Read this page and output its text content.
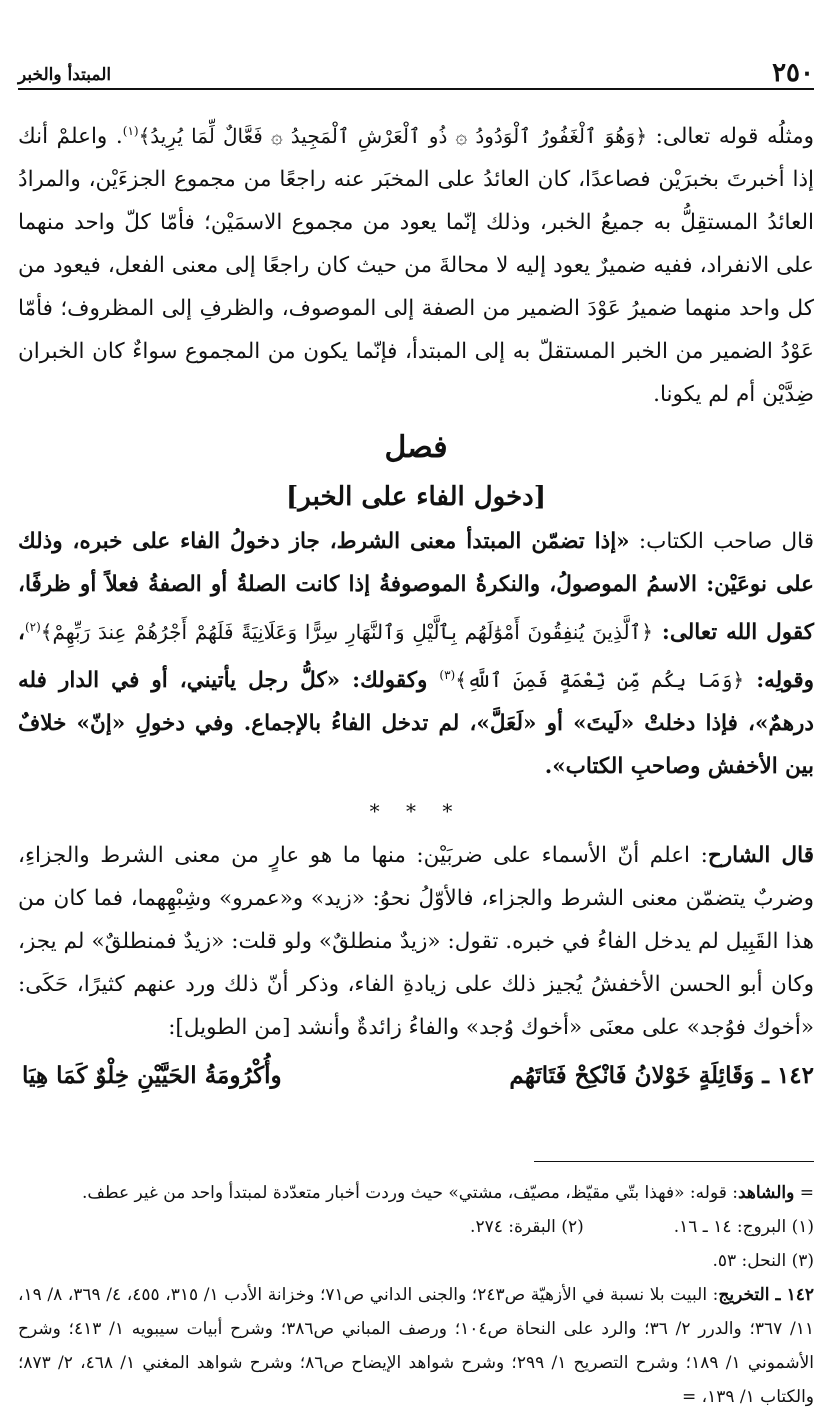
٢٥٠
المبتدأ والخبر

ومثلُه قوله تعالى: ﴿وَهُوَ ٱلْغَفُورُ ٱلْوَدُودُ ۞ ذُو ٱلْعَرْشِ ٱلْمَجِيدُ ۞ فَعَّالٌ لِّمَا يُرِيدُ﴾$^{(١)}$. واعلمْ أنك إذا أخبرتَ بخبرَيْن فصاعدًا، كان العائدُ على المخبَر عنه راجعًا من مجموع الجزءَيْن، والمرادُ العائدُ المستقِلُّ به جميعُ الخبر، وذلك إنّما يعود من مجموع الاسمَيْن؛ فأمّا كلّ واحد منهما على الانفراد، ففيه ضميرٌ يعود إليه لا محالةَ من حيث كان راجعًا إلى معنى الفعل، فيعود من كل واحد منهما ضميرُ عَوْدَ الضمير من الصفة إلى الموصوف، والظرفِ إلى المظروف؛ فأمّا عَوْدُ الضمير من الخبر المستقلّ به إلى المبتدأ، فإنّما يكون من المجموع سواءٌ كان الخبران ضِدَّيْن أم لم يكونا.

فصل
[دخول الفاء على الخبر]

قال صاحب الكتاب: «إذا تضمّن المبتدأ معنى الشرط، جاز دخولُ الفاء على خبره، وذلك على نوعَيْن: الاسمُ الموصولُ، والنكرةُ الموصوفةُ إذا كانت الصلةُ أو الصفةُ فعلاً أو ظرفًا، كقول الله تعالى: ﴿ٱلَّذِينَ يُنفِقُونَ أَمْوَٰلَهُم بِٱلَّيْلِ وَٱلنَّهَارِ سِرًّا وَعَلَانِيَةً فَلَهُمْ أَجْرُهُمْ عِندَ رَبِّهِمْ﴾$^{(٢)}$، وقولِه: ﴿وَمَا بِكُم مِّن نِّعْمَةٍ فَمِنَ ٱللَّهِ﴾$^{(٣)}$ وكقولك: «كلُّ رجل يأتيني، أو في الدار فله درهمٌ»، فإذا دخلتْ «لَيتَ» أو «لَعَلَّ»، لم تدخل الفاءُ بالإجماع. وفي دخولِ «إنّ» خلافٌ بين الأخفش وصاحبِ الكتاب».

* * *

قال الشارح: اعلم أنّ الأسماء على ضربَيْن: منها ما هو عارٍ من معنى الشرط والجزاءِ، وضربٌ يتضمّن معنى الشرط والجزاء، فالأوّلُ نحوُ: «زيد» و«عمرو» وشِبْهِهما، فما كان من هذا القَبِيل لم يدخل الفاءُ في خبره. تقول: «زيدٌ منطلقٌ» ولو قلت: «زيدٌ فمنطلقٌ» لم يجز، وكان أبو الحسن الأخفشُ يُجيز ذلك على زيادةِ الفاء، وذكر أنّ ذلك ورد عنهم كثيرًا، حَكَى: «أخوك فوُجد» على معنَى «أخوك وُجد» والفاءُ زائدةٌ وأنشد [من الطويل]:

١٤٢ ـ وَقَائِلَةٍ خَوْلانُ فَانْكِحْ فَتَاتَهُم
وأُكْرُومَةُ الحَيَّيْنِ خِلْوٌ كَمَا هِيَا

= والشاهد: قوله: «فهذا بتّي مقيّظ، مصيّف، مشتي» حيث وردت أخبار متعدّدة لمبتدأ واحد من غير عطف.

(١) البروج: ١٤ ـ ١٦.
(٢) البقرة: ٢٧٤.

(٣) النحل: ٥٣.

١٤٢ ـ التخريج: البيت بلا نسبة في الأزهيّة ص٢٤٣؛ والجنى الداني ص٧١؛ وخزانة الأدب ١/ ٣١٥، ٤٥٥، ٤/ ٣٦٩، ٨/ ١٩، ١١/ ٣٦٧؛ والدرر ٢/ ٣٦؛ والرد على النحاة ص١٠٤؛ ورصف المباني ص٣٨٦؛ وشرح أبيات سيبويه ١/ ٤١٣؛ وشرح الأشموني ١/ ١٨٩؛ وشرح التصريح ١/ ٢٩٩؛ وشرح شواهد الإيضاح ص٨٦؛ وشرح شواهد المغني ١/ ٤٦٨، ٢/ ٨٧٣؛ والكتاب ١/ ١٣٩، =
